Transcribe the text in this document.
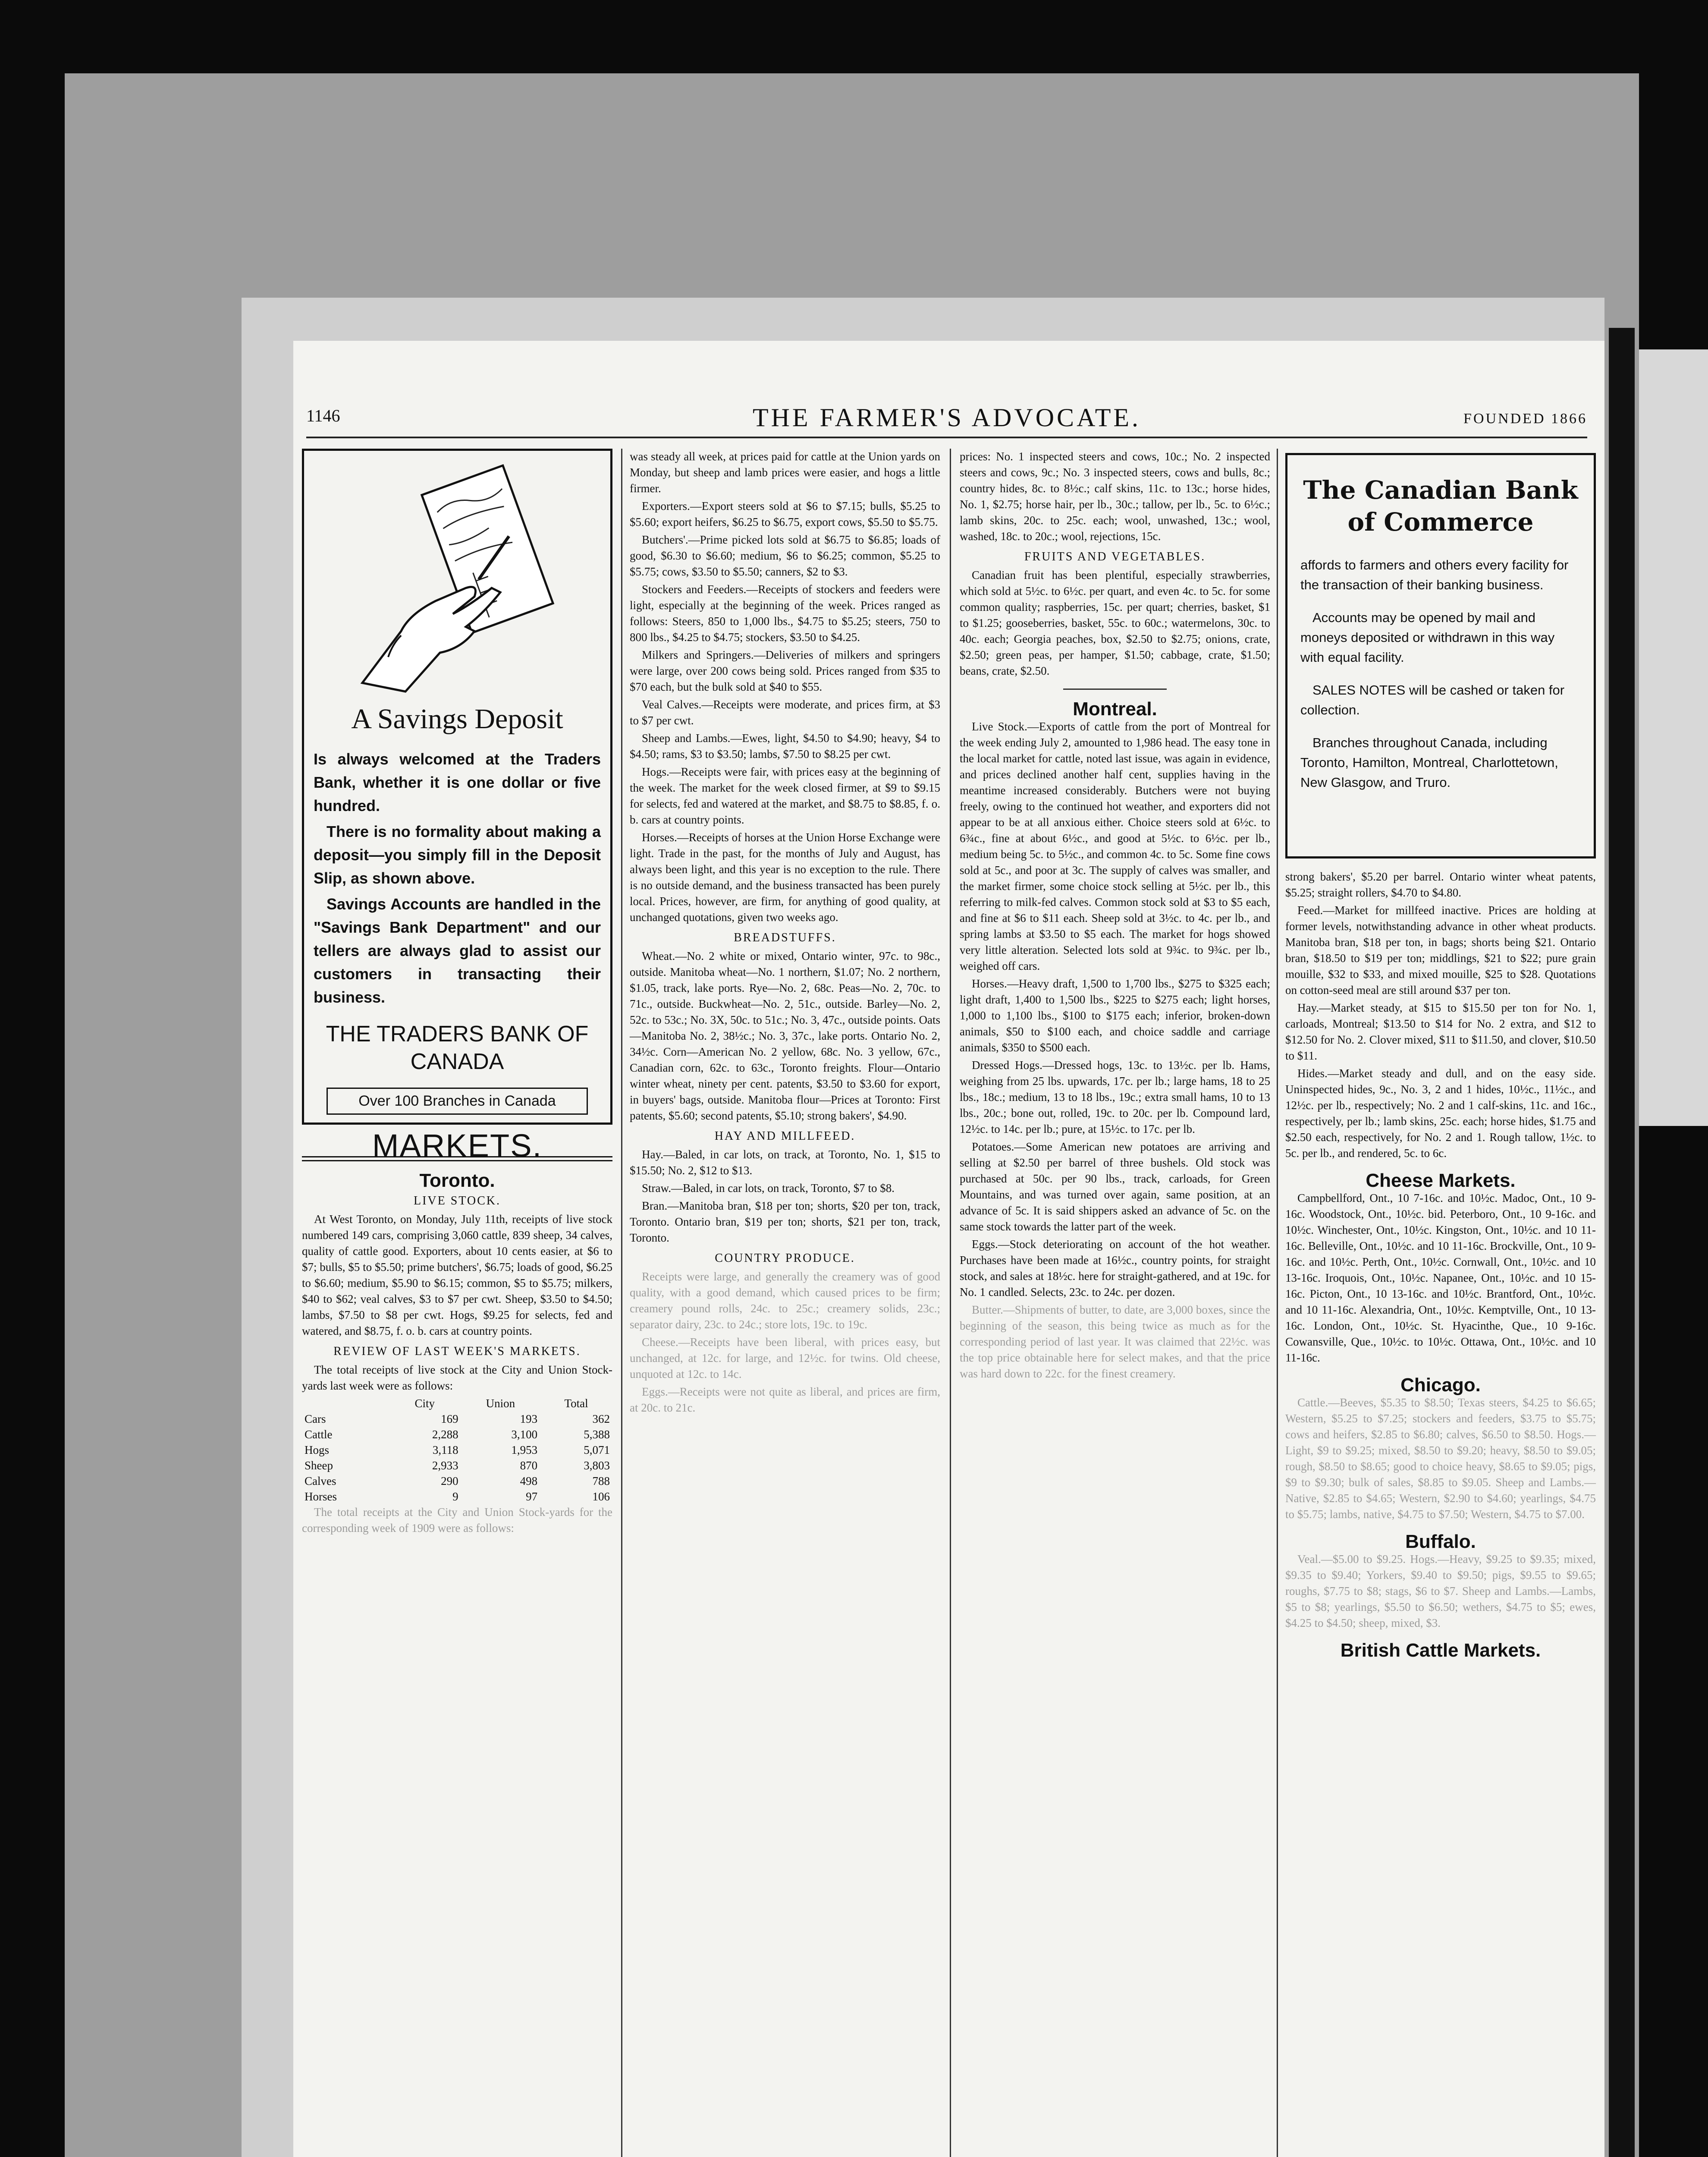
1146	THE FARMER'S ADVOCATE.	FOUNDED 1866
A Savings Deposit

Is always welcomed at the Traders Bank, whether it is one dollar or five hundred.

There is no formality about making a deposit—you simply fill in the Deposit Slip, as shown above.

Savings Accounts are handled in the "Savings Bank Department" and our tellers are always glad to assist our customers in transacting their business.

THE TRADERS BANK OF CANADA
Over 100 Branches in Canada
MARKETS.
Toronto.
LIVE STOCK.

At West Toronto, on Monday, July 11th, receipts of live stock numbered 149 cars, comprising 3,060 cattle, 839 sheep, 34 calves, quality of cattle good. Exporters, about 10 cents easier, at $6 to $7; bulls, $5 to $5.50; prime butchers', $6.75; loads of good, $6.25 to $6.60; medium, $5.90 to $6.15; common, $5 to $5.75; milkers, $40 to $62; veal calves, $3 to $7 per cwt. Sheep, $3.50 to $4.50; lambs, $7.50 to $8 per cwt. Hogs, $9.25 for selects, fed and watered, and $8.75, f. o. b. cars at country points.

REVIEW OF LAST WEEK'S MARKETS.

The total receipts of live stock at the City and Union Stock-yards last week were as follows:

	City	Union	Total
Cars	169	193	362
Cattle	2,288	3,100	5,388
Hogs	3,118	1,953	5,071
Sheep	2,933	870	3,803
Calves	290	498	788
Horses	9	97	106

The total receipts at the City and Union Stock-yards for the corresponding week of 1909 were as follows:

was steady all week, at prices paid for cattle at the Union yards on Monday, but sheep and lamb prices were easier, and hogs a little firmer.

Exporters.—Export steers sold at $6 to $7.15; bulls, $5.25 to $5.60; export heifers, $6.25 to $6.75, export cows, $5.50 to $5.75.

Butchers'.—Prime picked lots sold at $6.75 to $6.85; loads of good, $6.30 to $6.60; medium, $6 to $6.25; common, $5.25 to $5.75; cows, $3.50 to $5.50; canners, $2 to $3.

Stockers and Feeders.—Receipts of stockers and feeders were light, especially at the beginning of the week. Prices ranged as follows: Steers, 850 to 1,000 lbs., $4.75 to $5.25; steers, 750 to 800 lbs., $4.25 to $4.75; stockers, $3.50 to $4.25.

Milkers and Springers.—Deliveries of milkers and springers were large, over 200 cows being sold. Prices ranged from $35 to $70 each, but the bulk sold at $40 to $55.

Veal Calves.—Receipts were moderate, and prices firm, at $3 to $7 per cwt.

Sheep and Lambs.—Ewes, light, $4.50 to $4.90; heavy, $4 to $4.50; rams, $3 to $3.50; lambs, $7.50 to $8.25 per cwt.

Hogs.—Receipts were fair, with prices easy at the beginning of the week. The market for the week closed firmer, at $9 to $9.15 for selects, fed and watered at the market, and $8.75 to $8.85, f. o. b. cars at country points.

Horses.—Receipts of horses at the Union Horse Exchange were light. Trade in the past, for the months of July and August, has always been light, and this year is no exception to the rule. There is no outside demand, and the business transacted has been purely local. Prices, however, are firm, for anything of good quality, at unchanged quotations, given two weeks ago.

BREADSTUFFS.

Wheat.—No. 2 white or mixed, Ontario winter, 97c. to 98c., outside. Manitoba wheat—No. 1 northern, $1.07; No. 2 northern, $1.05, track, lake ports. Rye—No. 2, 68c. Peas—No. 2, 70c. to 71c., outside. Buckwheat—No. 2, 51c., outside. Barley—No. 2, 52c. to 53c.; No. 3X, 50c. to 51c.; No. 3, 47c., outside points. Oats—Manitoba No. 2, 38½c.; No. 3, 37c., lake ports. Ontario No. 2, 34½c. Corn—American No. 2 yellow, 68c. No. 3 yellow, 67c., Canadian corn, 62c. to 63c., Toronto freights. Flour—Ontario winter wheat, ninety per cent. patents, $3.50 to $3.60 for export, in buyers' bags, outside. Manitoba flour—Prices at Toronto: First patents, $5.60; second patents, $5.10; strong bakers', $4.90.

HAY AND MILLFEED.

Hay.—Baled, in car lots, on track, at Toronto, No. 1, $15 to $15.50; No. 2, $12 to $13.

Straw.—Baled, in car lots, on track, Toronto, $7 to $8.

Bran.—Manitoba bran, $18 per ton; shorts, $20 per ton, track, Toronto. Ontario bran, $19 per ton; shorts, $21 per ton, track, Toronto.

COUNTRY PRODUCE.

Receipts were large, and generally the creamery was of good quality, with a good demand, which caused prices to be firm; creamery pound rolls, 24c. to 25c.; creamery solids, 23c.; separator dairy, 23c. to 24c.; store lots, 19c. to 19c.

Cheese.—Receipts have been liberal, with prices easy, but unchanged, at 12c. for large, and 12½c. for twins. Old cheese, unquoted at 12c. to 14c.

Eggs.—Receipts were not quite as liberal, and prices are firm, at 20c. to 21c.

prices: No. 1 inspected steers and cows, 10c.; No. 2 inspected steers and cows, 9c.; No. 3 inspected steers, cows and bulls, 8c.; country hides, 8c. to 8½c.; calf skins, 11c. to 13c.; horse hides, No. 1, $2.75; horse hair, per lb., 30c.; tallow, per lb., 5c. to 6½c.; lamb skins, 20c. to 25c. each; wool, unwashed, 13c.; wool, washed, 18c. to 20c.; wool, rejections, 15c.

FRUITS AND VEGETABLES.

Canadian fruit has been plentiful, especially strawberries, which sold at 5½c. to 6½c. per quart, and even 4c. to 5c. for some common quality; raspberries, 15c. per quart; cherries, basket, $1 to $1.25; gooseberries, basket, 55c. to 60c.; watermelons, 30c. to 40c. each; Georgia peaches, box, $2.50 to $2.75; onions, crate, $2.50; green peas, per hamper, $1.50; cabbage, crate, $1.50; beans, crate, $2.50.

Montreal.

Live Stock.—Exports of cattle from the port of Montreal for the week ending July 2, amounted to 1,986 head. The easy tone in the local market for cattle, noted last issue, was again in evidence, and prices declined another half cent, supplies having in the meantime increased considerably. Butchers were not buying freely, owing to the continued hot weather, and exporters did not appear to be at all anxious either. Choice steers sold at 6½c. to 6¾c., fine at about 6½c., and good at 5½c. to 6½c. per lb., medium being 5c. to 5½c., and common 4c. to 5c. Some fine cows sold at 5c., and poor at 3c. The supply of calves was smaller, and the market firmer, some choice stock selling at 5½c. per lb., this referring to milk-fed calves. Common stock sold at $3 to $5 each, and fine at $6 to $11 each. Sheep sold at 3½c. to 4c. per lb., and spring lambs at $3.50 to $5 each. The market for hogs showed very little alteration. Selected lots sold at 9¾c. to 9¾c. per lb., weighed off cars.

Horses.—Heavy draft, 1,500 to 1,700 lbs., $275 to $325 each; light draft, 1,400 to 1,500 lbs., $225 to $275 each; light horses, 1,000 to 1,100 lbs., $100 to $175 each; inferior, broken-down animals, $50 to $100 each, and choice saddle and carriage animals, $350 to $500 each.

Dressed Hogs.—Dressed hogs, 13c. to 13½c. per lb. Hams, weighing from 25 lbs. upwards, 17c. per lb.; large hams, 18 to 25 lbs., 18c.; medium, 13 to 18 lbs., 19c.; extra small hams, 10 to 13 lbs., 20c.; bone out, rolled, 19c. to 20c. per lb. Compound lard, 12½c. to 14c. per lb.; pure, at 15½c. to 17c. per lb.

Potatoes.—Some American new potatoes are arriving and selling at $2.50 per barrel of three bushels. Old stock was purchased at 50c. per 90 lbs., track, carloads, for Green Mountains, and was turned over again, same position, at an advance of 5c. It is said shippers asked an advance of 5c. on the same stock towards the latter part of the week.

Eggs.—Stock deteriorating on account of the hot weather. Purchases have been made at 16½c., country points, for straight stock, and sales at 18½c. here for straight-gathered, and at 19c. for No. 1 candled. Selects, 23c. to 24c. per dozen.

Butter.—Shipments of butter, to date, are 3,000 boxes, since the beginning of the season, this being twice as much as for the corresponding period of last year. It was claimed that 22½c. was the top price obtainable here for select makes, and that the price was hard down to 22c. for the finest creamery.

The Canadian Bank of Commerce

affords to farmers and others every facility for the transaction of their banking business.

Accounts may be opened by mail and moneys deposited or withdrawn in this way with equal facility.

SALES NOTES will be cashed or taken for collection.

Branches throughout Canada, including Toronto, Hamilton, Montreal, Charlottetown, New Glasgow, and Truro.

strong bakers', $5.20 per barrel. Ontario winter wheat patents, $5.25; straight rollers, $4.70 to $4.80.

Feed.—Market for millfeed inactive. Prices are holding at former levels, notwithstanding advance in other wheat products. Manitoba bran, $18 per ton, in bags; shorts being $21. Ontario bran, $18.50 to $19 per ton; middlings, $21 to $22; pure grain mouille, $32 to $33, and mixed mouille, $25 to $28. Quotations on cotton-seed meal are still around $37 per ton.

Hay.—Market steady, at $15 to $15.50 per ton for No. 1, carloads, Montreal; $13.50 to $14 for No. 2 extra, and $12 to $12.50 for No. 2. Clover mixed, $11 to $11.50, and clover, $10.50 to $11.

Hides.—Market steady and dull, and on the easy side. Uninspected hides, 9c., No. 3, 2 and 1 hides, 10½c., 11½c., and 12½c. per lb., respectively; No. 2 and 1 calf-skins, 11c. and 16c., respectively, per lb.; lamb skins, 25c. each; horse hides, $1.75 and $2.50 each, respectively, for No. 2 and 1. Rough tallow, 1½c. to 5c. per lb., and rendered, 5c. to 6c.

Cheese Markets.

Campbellford, Ont., 10 7-16c. and 10½c. Madoc, Ont., 10 9-16c. Woodstock, Ont., 10½c. bid. Peterboro, Ont., 10 9-16c. and 10½c. Winchester, Ont., 10½c. Kingston, Ont., 10½c. and 10 11-16c. Belleville, Ont., 10½c. and 10 11-16c. Brockville, Ont., 10 9-16c. and 10½c. Perth, Ont., 10½c. Cornwall, Ont., 10½c. and 10 13-16c. Iroquois, Ont., 10½c. Napanee, Ont., 10½c. and 10 15-16c. Picton, Ont., 10 13-16c. and 10½c. Brantford, Ont., 10½c. and 10 11-16c. Alexandria, Ont., 10½c. Kemptville, Ont., 10 13-16c. London, Ont., 10½c. St. Hyacinthe, Que., 10 9-16c. Cowansville, Que., 10½c. to 10½c. Ottawa, Ont., 10½c. and 10 11-16c.

Chicago.

Cattle.—Beeves, $5.35 to $8.50; Texas steers, $4.25 to $6.65; Western, $5.25 to $7.25; stockers and feeders, $3.75 to $5.75; cows and heifers, $2.85 to $6.80; calves, $6.50 to $8.50. Hogs.—Light, $9 to $9.25; mixed, $8.50 to $9.20; heavy, $8.50 to $9.05; rough, $8.50 to $8.65; good to choice heavy, $8.65 to $9.05; pigs, $9 to $9.30; bulk of sales, $8.85 to $9.05. Sheep and Lambs.—Native, $2.85 to $4.65; Western, $2.90 to $4.60; yearlings, $4.75 to $5.75; lambs, native, $4.75 to $7.50; Western, $4.75 to $7.00.

Buffalo.

Veal.—$5.00 to $9.25. Hogs.—Heavy, $9.25 to $9.35; mixed, $9.35 to $9.40; Yorkers, $9.40 to $9.50; pigs, $9.55 to $9.65; roughs, $7.75 to $8; stags, $6 to $7. Sheep and Lambs.—Lambs, $5 to $8; yearlings, $5.50 to $6.50; wethers, $4.75 to $5; ewes, $4.25 to $4.50; sheep, mixed, $3.

British Cattle Markets.
